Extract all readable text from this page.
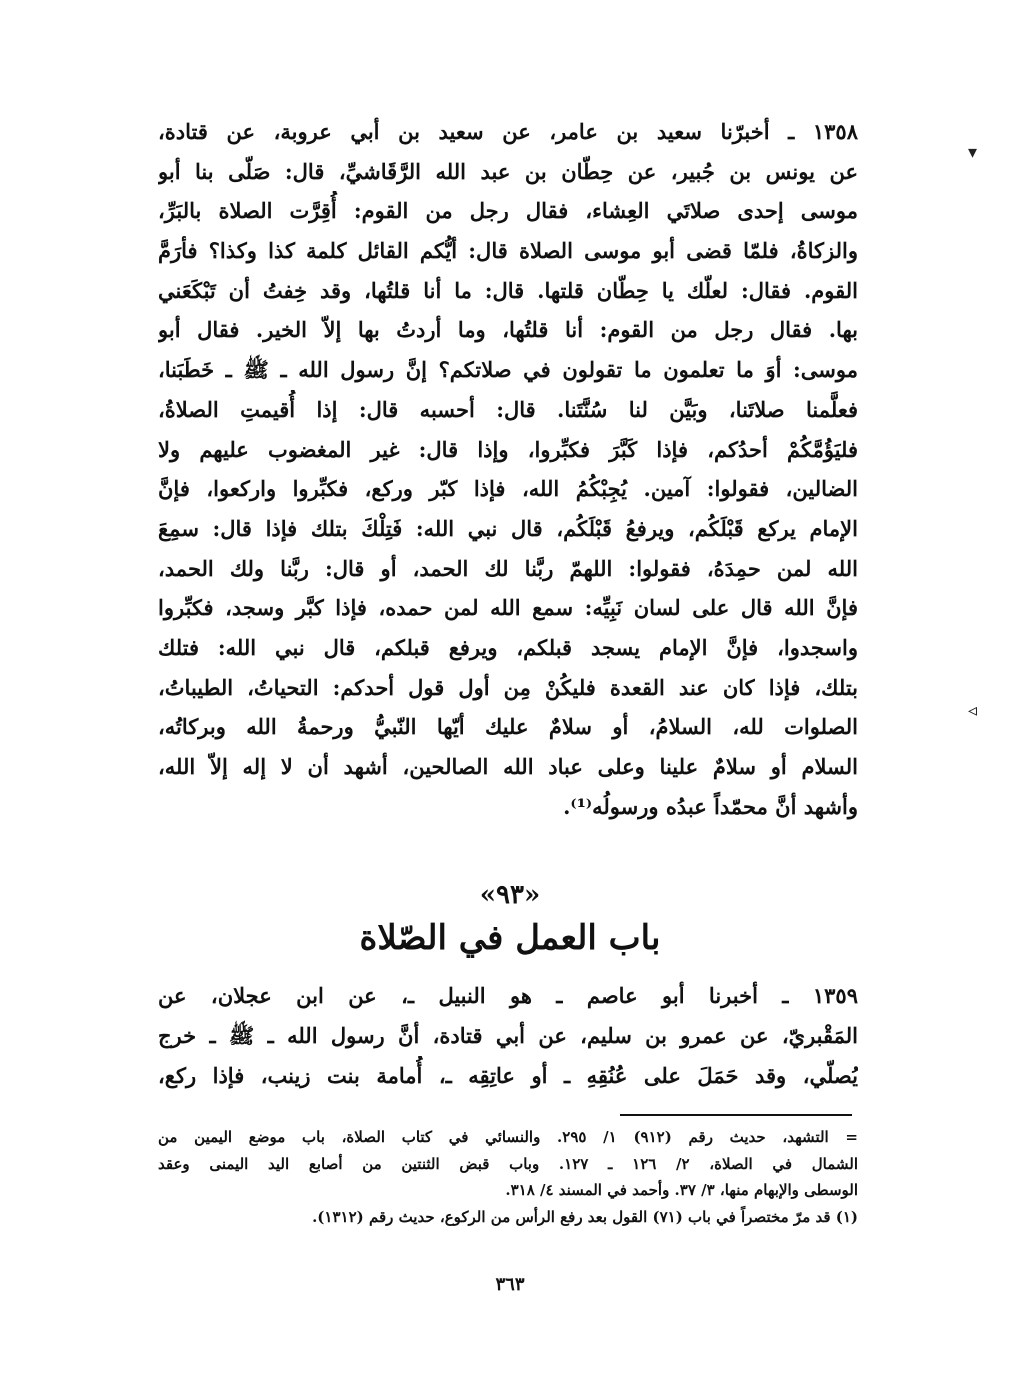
▾
◃
١٣٥٨ ـ أخبرّنا سعيد بن عامر، عن سعيد بن أبي عروبة، عن قتادة،
عن يونس بن جُبير، عن حِطّان بن عبد الله الرَّقَاشيِّ، قال: صَلّى بنا أبو
موسى إحدى صلاتَي العِشاء، فقال رجل من القوم: أُقِرَّت الصلاة بالبَرِّ،
والزكاةُ، فلمّا قضى أبو موسى الصلاة قال: أيُّكم القائل كلمة كذا وكذا؟ فأرَمَّ
القوم. فقال: لعلّك يا حِطّان قلتها. قال: ما أنا قلتُها، وقد خِفتُ أن تَبْكَعَني
بها. فقال رجل من القوم: أنا قلتُها، وما أردتُ بها إلاّ الخير. فقال أبو
موسى: أوَ ما تعلمون ما تقولون في صلاتكم؟ إنَّ رسول الله ـ ﷺ ـ خَطَبَنا،
فعلَّمنا صلاتَنا، وبَيَّن لنا سُنَّتَنا. قال: أحسبه قال: إذا أُقيمتِ الصلاةُ،
فليَؤُمَّكُمْ أحدُكم، فإذا كَبَّرَ فكبِّروا، وإذا قال: غير المغضوب عليهم ولا
الضالين، فقولوا: آمين. يُجِبْكُمُ الله، فإذا كبّر وركع، فكبِّروا واركعوا، فإنَّ
الإمام يركع قَبْلَكُم، ويرفعُ قَبْلَكُم، قال نبي الله: فَتِلْكَ بتلك فإذا قال: سمِعَ
الله لمن حمِدَهُ، فقولوا: اللهمّ ربَّنا لك الحمد، أو قال: ربَّنا ولك الحمد،
فإنَّ الله قال على لسان نَبِيِّه: سمع الله لمن حمده، فإذا كبَّر وسجد، فكبِّروا
واسجدوا، فإنَّ الإمام يسجد قبلكم، ويرفع قبلكم، قال نبي الله: فتلك
بتلك، فإذا كان عند القعدة فليكُنْ مِن أول قول أحدكم: التحياتُ، الطيباتُ،
الصلوات لله، السلامُ، أو سلامٌ عليك أيّها النّبيُّ ورحمةُ الله وبركاتُه،
السلام أو سلامٌ علينا وعلى عباد الله الصالحين، أشهد أن لا إله إلاّ الله،
وأشهد أنَّ محمّداً عبدُه ورسولُه⁽¹⁾.
«٩٣»
باب العمل في الصّلاة
١٣٥٩ ـ أخبرنا أبو عاصم ـ هو النبيل ـ، عن ابن عجلان، عن
المَقْبريّ، عن عمرو بن سليم، عن أبي قتادة، أنَّ رسول الله ـ ﷺ ـ خرج
يُصلّي، وقد حَمَلَ على عُنُقِهِ ـ أو عاتِقِه ـ، أُمامة بنت زينب، فإذا ركع،
= التشهد، حديث رقم (٩١٢) ١/ ٢٩٥. والنسائي في كتاب الصلاة، باب موضع اليمين من
الشمال في الصلاة، ٢/ ١٢٦ ـ ١٢٧. وباب قبض الثنتين من أصابع اليد اليمنى وعقد
الوسطى والإبهام منها، ٣/ ٣٧. وأحمد في المسند ٤/ ٣١٨.
(١) قد مرّ مختصراً في باب (٧١) القول بعد رفع الرأس من الركوع، حديث رقم (١٣١٢).
٣٦٣
